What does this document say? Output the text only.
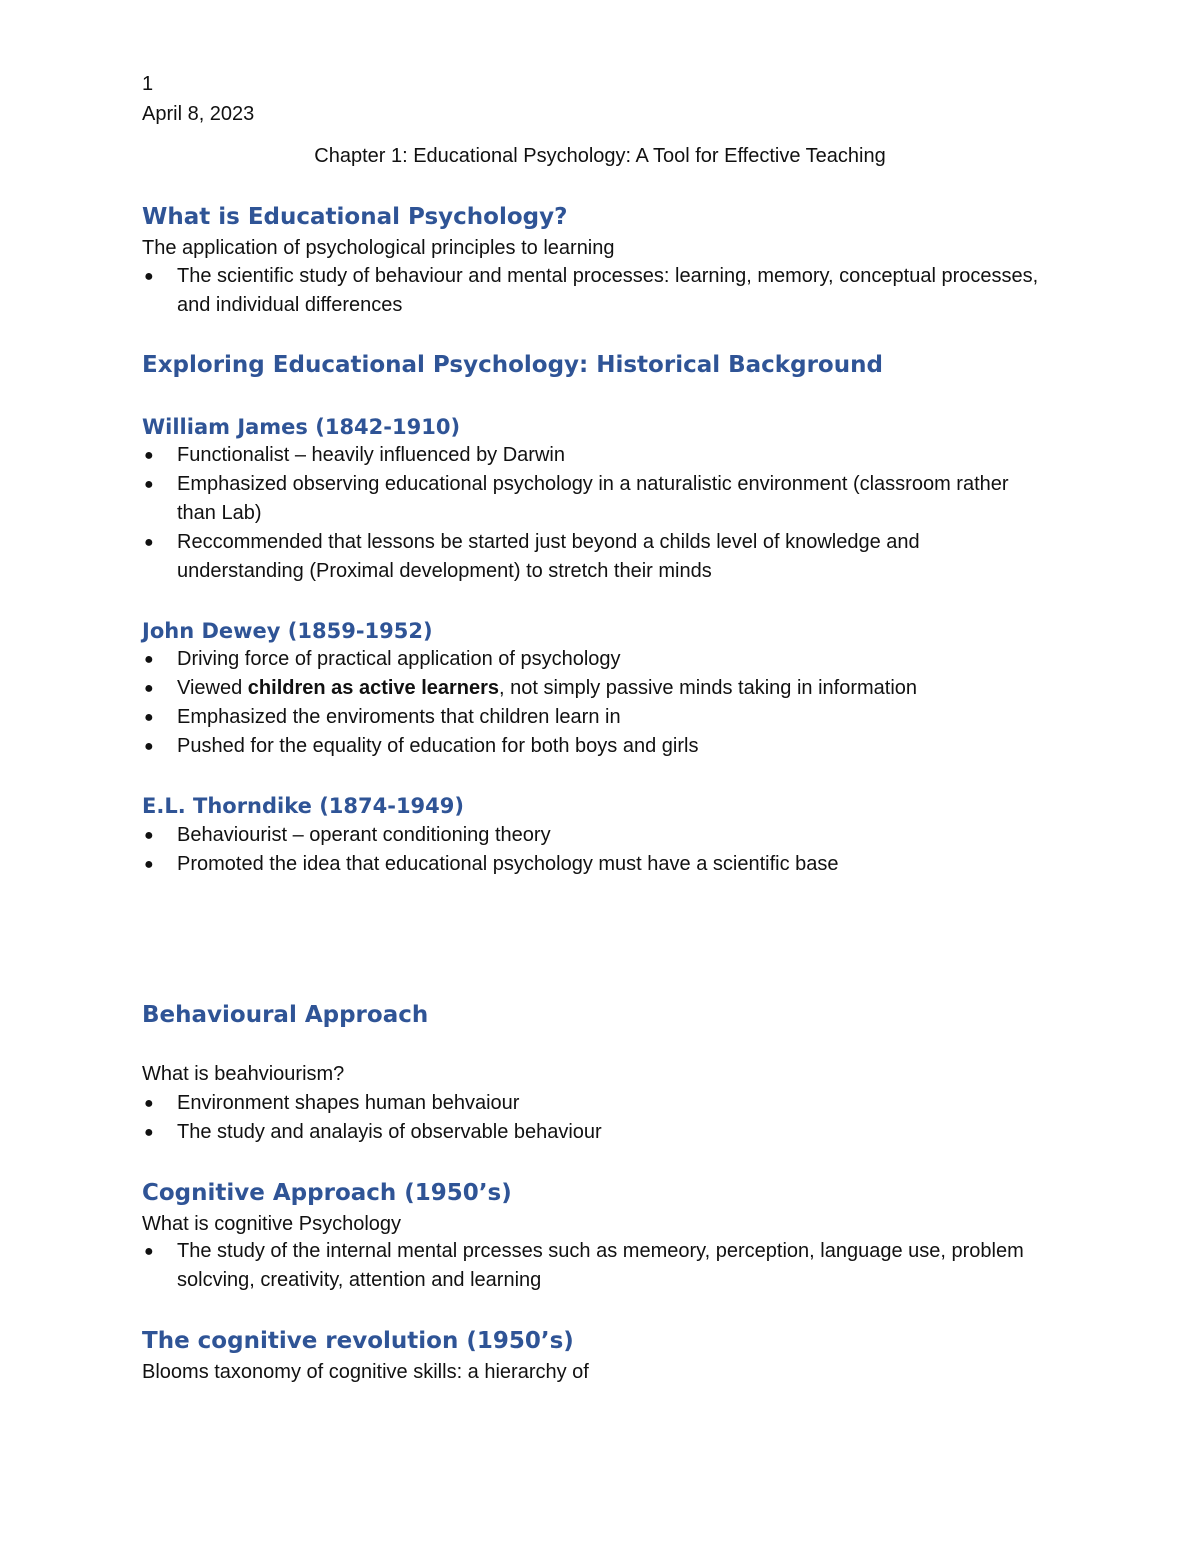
1

April 8, 2023

Chapter 1: Educational Psychology: A Tool for Effective Teaching

What is Educational Psychology?

The application of psychological principles to learning

● The scientific study of behaviour and mental processes: learning, memory, conceptual processes, and individual differences
Exploring Educational Psychology: Historical Background
William James (1842-1910)
● Functionalist – heavily influenced by Darwin
● Emphasized observing educational psychology in a naturalistic environment (classroom rather than Lab)
● Reccommended that lessons be started just beyond a childs level of knowledge and understanding (Proximal development) to stretch their minds
John Dewey (1859-1952)
● Driving force of practical application of psychology
● Viewed children as active learners, not simply passive minds taking in information
● Emphasized the enviroments that children learn in
● Pushed for the equality of education for both boys and girls
E.L. Thorndike (1874-1949)
● Behaviourist – operant conditioning theory
● Promoted the idea that educational psychology must have a scientific base
Behavioural Approach

What is beahviourism?

● Environment shapes human behvaiour
● The study and analayis of observable behaviour
Cognitive Approach (1950’s)

What is cognitive Psychology

● The study of the internal mental prcesses such as memeory, perception, language use, problem solcving, creativity, attention and learning
The cognitive revolution (1950’s)

Blooms taxonomy of cognitive skills: a hierarchy of
